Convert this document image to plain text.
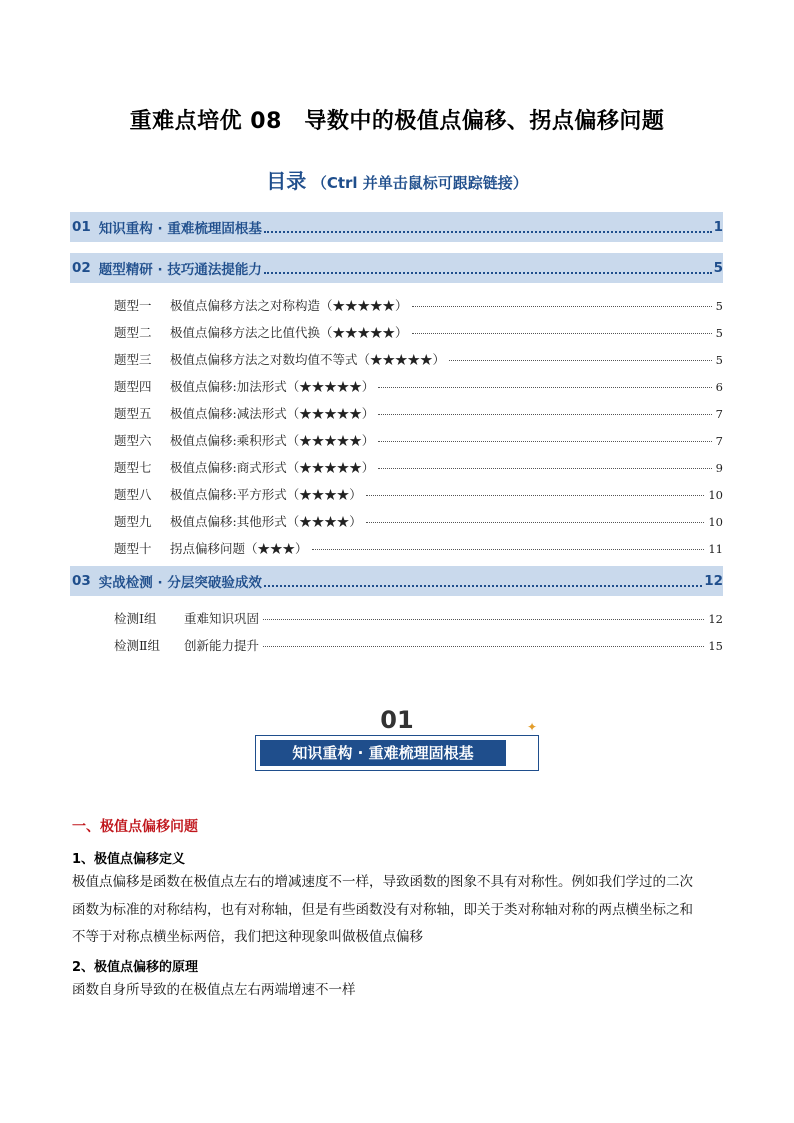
重难点培优 08　导数中的极值点偏移、拐点偏移问题
目录 （Ctrl 并单击鼠标可跟踪链接）
01 知识重构 · 重难梳理固根基	1
02 题型精研 · 技巧通法提能力	5
题型一	极值点偏移方法之对称构造（★★★★★）	5
题型二	极值点偏移方法之比值代换（★★★★★）	5
题型三	极值点偏移方法之对数均值不等式（★★★★★）	5
题型四	极值点偏移:加法形式（★★★★★）	6
题型五	极值点偏移:减法形式（★★★★★）	7
题型六	极值点偏移:乘积形式（★★★★★）	7
题型七	极值点偏移:商式形式（★★★★★）	9
题型八	极值点偏移:平方形式（★★★★）	10
题型九	极值点偏移:其他形式（★★★★）	10
题型十	拐点偏移问题（★★★）	11
03 实战检测 · 分层突破验成效	12
检测Ⅰ组	重难知识巩固	12
检测Ⅱ组	创新能力提升	15
01
知识重构 · 重难梳理固根基
✦
一、极值点偏移问题
1、极值点偏移定义
极值点偏移是函数在极值点左右的增减速度不一样，导致函数的图象不具有对称性。例如我们学过的二次
函数为标准的对称结构，也有对称轴，但是有些函数没有对称轴，即关于类对称轴对称的两点横坐标之和
不等于对称点横坐标两倍，我们把这种现象叫做极值点偏移
2、极值点偏移的原理
函数自身所导致的在极值点左右两端增速不一样
